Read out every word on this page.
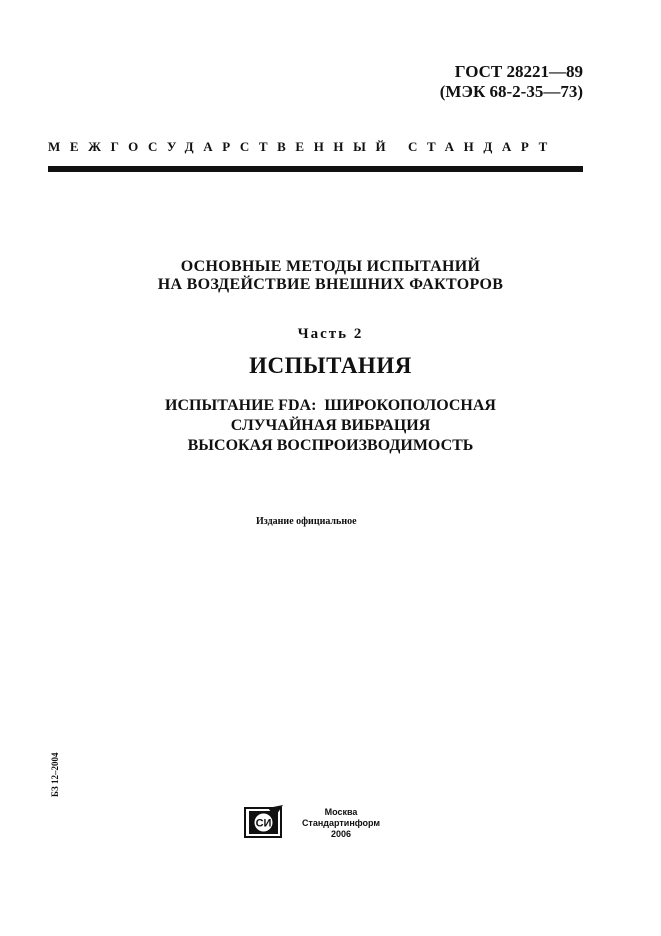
ГОСТ 28221—89
(МЭК 68-2-35—73)
МЕЖГОСУДАРСТВЕННЫЙ СТАНДАРТ
ОСНОВНЫЕ МЕТОДЫ ИСПЫТАНИЙ
НА ВОЗДЕЙСТВИЕ ВНЕШНИХ ФАКТОРОВ
Часть 2
ИСПЫТАНИЯ
ИСПЫТАНИЕ FDA:  ШИРОКОПОЛОСНАЯ
СЛУЧАЙНАЯ ВИБРАЦИЯ
ВЫСОКАЯ ВОСПРОИЗВОДИМОСТЬ
Издание официальное
БЗ 12–2004
СИ
Москва
Стандартинформ
2006
